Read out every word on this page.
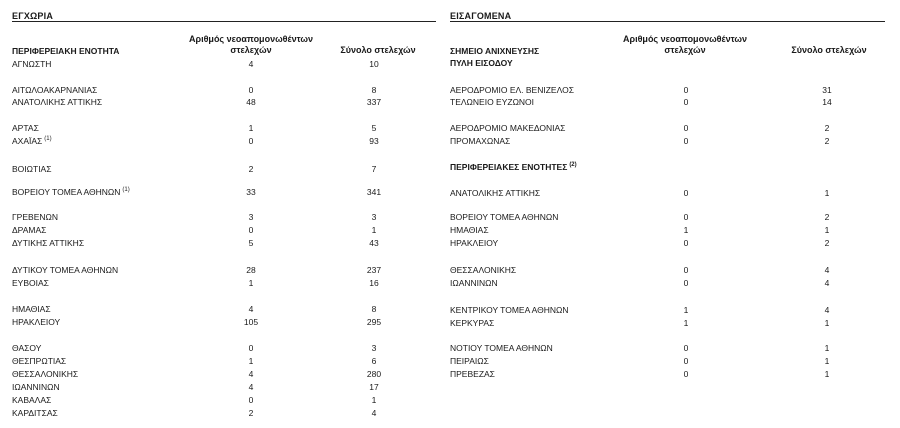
ΕΓΧΩΡΙΑ
Αριθμός νεοαπομονωθέντων
στελεχών	Σύνολο στελεχών
ΠΕΡΙΦΕΡΕΙΑΚΗ ΕΝΟΤΗΤΑ
ΑΓΝΩΣΤΗ	4	10
ΑΙΤΩΛΟΑΚΑΡΝΑΝΙΑΣ	0	8
ΑΝΑΤΟΛΙΚΗΣ ΑΤΤΙΚΗΣ	48	337
ΑΡΤΑΣ	1	5
ΑΧΑΪΑΣ $^{(1)}$	0	93
ΒΟΙΩΤΙΑΣ	2	7
ΒΟΡΕΙΟΥ ΤΟΜΕΑ ΑΘΗΝΩΝ $^{(1)}$	33	341
ΓΡΕΒΕΝΩΝ	3	3
ΔΡΑΜΑΣ	0	1
ΔΥΤΙΚΗΣ ΑΤΤΙΚΗΣ	5	43
ΔΥΤΙΚΟΥ ΤΟΜΕΑ ΑΘΗΝΩΝ	28	237
ΕΥΒΟΙΑΣ	1	16
ΗΜΑΘΙΑΣ	4	8
ΗΡΑΚΛΕΙΟΥ	105	295
ΘΑΣΟΥ	0	3
ΘΕΣΠΡΩΤΙΑΣ	1	6
ΘΕΣΣΑΛΟΝΙΚΗΣ	4	280
ΙΩΑΝΝΙΝΩΝ	4	17
ΚΑΒΑΛΑΣ	0	1
ΚΑΡΔΙΤΣΑΣ	2	4
ΕΙΣΑΓΟΜΕΝΑ
Αριθμός νεοαπομονωθέντων
στελεχών	Σύνολο στελεχών
ΣΗΜΕΙΟ ΑΝΙΧΝΕΥΣΗΣ
ΠΥΛΗ ΕΙΣΟΔΟΥ
ΑΕΡΟΔΡΟΜΙΟ ΕΛ. ΒΕΝΙΖΕΛΟΣ	0	31
ΤΕΛΩΝΕΙΟ ΕΥΖΩΝΟΙ	0	14
ΑΕΡΟΔΡΟΜΙΟ ΜΑΚΕΔΟΝΙΑΣ	0	2
ΠΡΟΜΑΧΩΝΑΣ	0	2
ΠΕΡΙΦΕΡΕΙΑΚΕΣ ΕΝΟΤΗΤΕΣ $^{(2)}$
ΑΝΑΤΟΛΙΚΗΣ ΑΤΤΙΚΗΣ	0	1
ΒΟΡΕΙΟΥ ΤΟΜΕΑ ΑΘΗΝΩΝ	0	2
ΗΜΑΘΙΑΣ	1	1
ΗΡΑΚΛΕΙΟΥ	0	2
ΘΕΣΣΑΛΟΝΙΚΗΣ	0	4
ΙΩΑΝΝΙΝΩΝ	0	4
ΚΕΝΤΡΙΚΟΥ ΤΟΜΕΑ ΑΘΗΝΩΝ	1	4
ΚΕΡΚΥΡΑΣ	1	1
ΝΟΤΙΟΥ ΤΟΜΕΑ ΑΘΗΝΩΝ	0	1
ΠΕΙΡΑΙΩΣ	0	1
ΠΡΕΒΕΖΑΣ	0	1
